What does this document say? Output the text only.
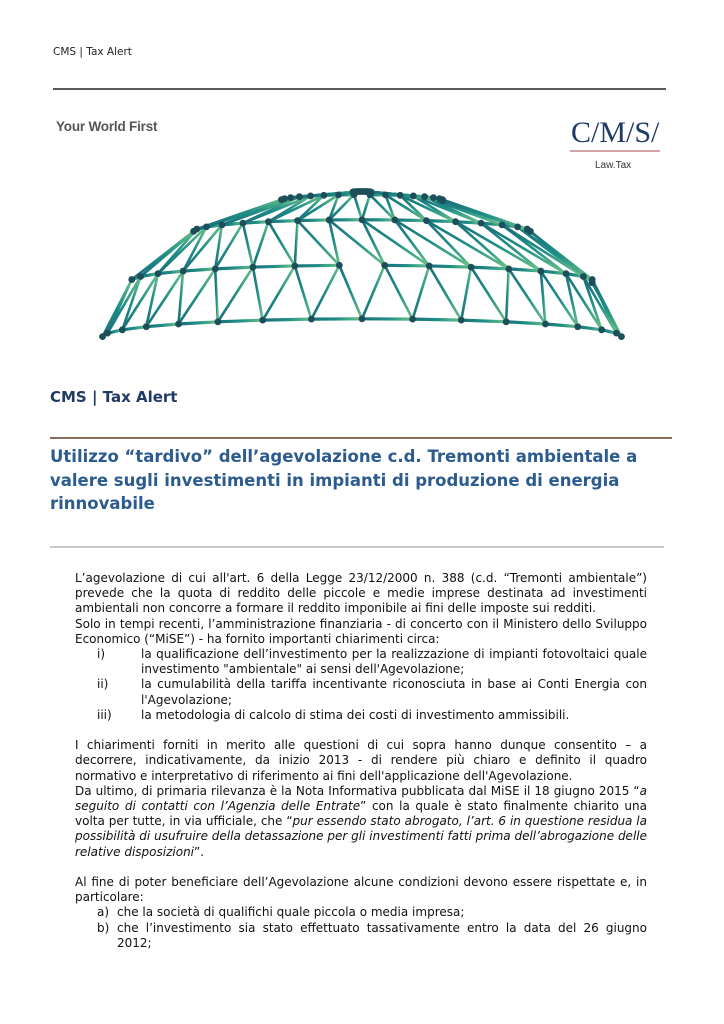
CMS | Tax Alert
Your World First	C/M/S/
Law.Tax
CMS | Tax Alert
Utilizzo “tardivo” dell’agevolazione c.d. Tremonti ambientale a valere sugli investimenti in impianti di produzione di energia rinnovabile

L’agevolazione di cui all'art. 6 della Legge 23/12/2000 n. 388 (c.d. “Tremonti ambientale”) prevede che la quota di reddito delle piccole e medie imprese destinata ad investimenti ambientali non concorre a formare il reddito imponibile ai fini delle imposte sui redditi.

Solo in tempi recenti, l’amministrazione finanziaria - di concerto con il Ministero dello Sviluppo Economico (“MiSE”) - ha fornito importanti chiarimenti circa:

i)	la qualificazione dell’investimento per la realizzazione di impianti fotovoltaici quale investimento "ambientale" ai sensi dell'Agevolazione;
ii)	la cumulabilità della tariffa incentivante riconosciuta in base ai Conti Energia con l'Agevolazione;
iii)	la metodologia di calcolo di stima dei costi di investimento ammissibili.

I chiarimenti forniti in merito alle questioni di cui sopra hanno dunque consentito – a decorrere, indicativamente, da inizio 2013 - di rendere più chiaro e definito il quadro normativo e interpretativo di riferimento ai fini dell'applicazione dell'Agevolazione.

Da ultimo, di primaria rilevanza è la Nota Informativa pubblicata dal MiSE il 18 giugno 2015 “a seguito di contatti con l’Agenzia delle Entrate” con la quale è stato finalmente chiarito una volta per tutte, in via ufficiale, che “pur essendo stato abrogato, l’art. 6 in questione residua la possibilità di usufruire della detassazione per gli investimenti fatti prima dell’abrogazione delle relative disposizioni”.

Al fine di poter beneficiare dell’Agevolazione alcune condizioni devono essere rispettate e, in particolare:

a) che la società di qualifichi quale piccola o media impresa;
b) che l’investimento sia stato effettuato tassativamente entro la data del 26 giugno 2012;
